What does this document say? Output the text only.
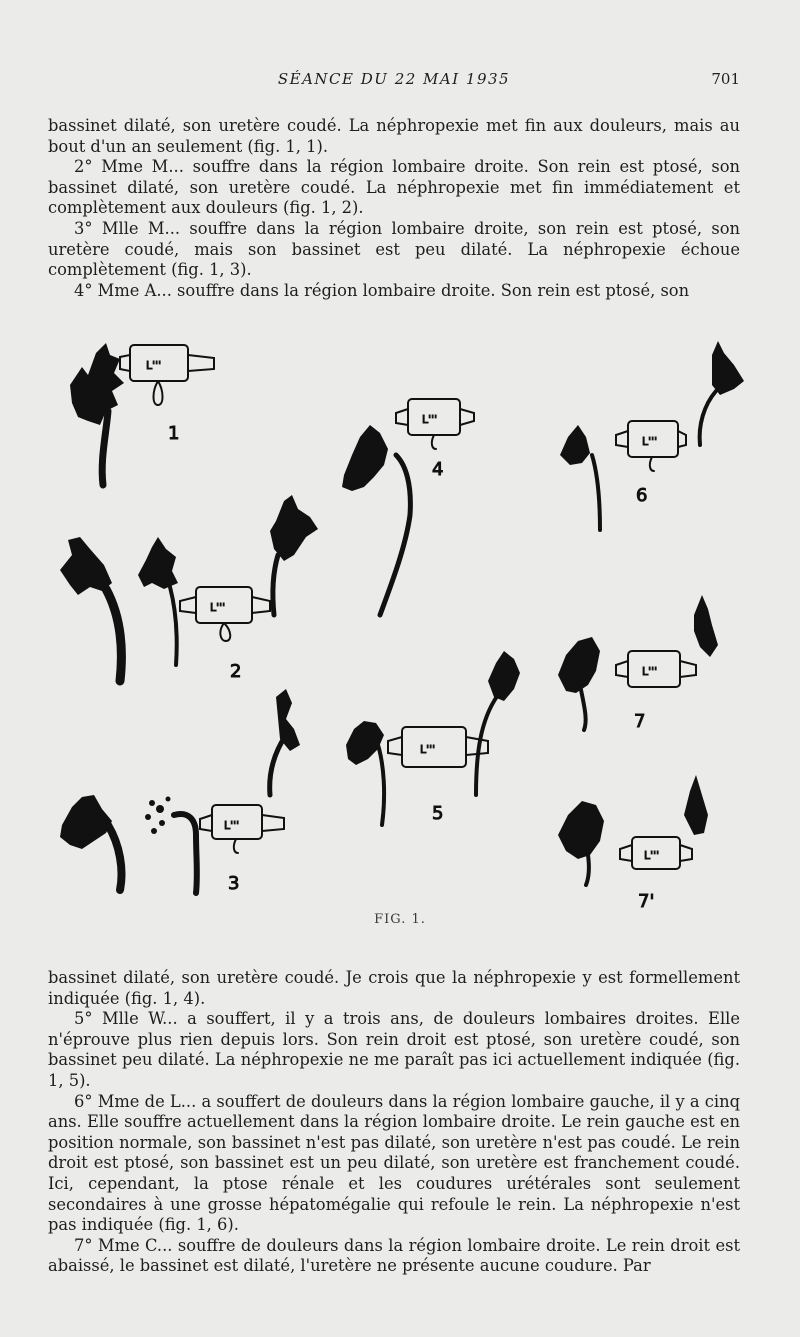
SÉANCE DU 22 MAI 1935	701

bassinet dilaté, son uretère coudé. La néphropexie met fin aux douleurs, mais au bout d'un an seulement (fig. 1, 1).

2° Mme M... souffre dans la région lombaire droite. Son rein est ptosé, son bassinet dilaté, son uretère coudé. La néphropexie met fin immédiatement et complètement aux douleurs (fig. 1, 2).

3° Mlle M... souffre dans la région lombaire droite, son rein est ptosé, son uretère coudé, mais son bassinet est peu dilaté. La néphropexie échoue complètement (fig. 1, 3).

4° Mme A... souffre dans la région lombaire droite. Son rein est ptosé, son

L'''
1
L'''
2
L'''
3
L'''
4
L'''
5
L'''
6
L'''
7
L'''
7'
FIG. 1.

bassinet dilaté, son uretère coudé. Je crois que la néphropexie y est formellement indiquée (fig. 1, 4).

5° Mlle W... a souffert, il y a trois ans, de douleurs lombaires droites. Elle n'éprouve plus rien depuis lors. Son rein droit est ptosé, son uretère coudé, son bassinet peu dilaté. La néphropexie ne me paraît pas ici actuellement indiquée (fig. 1, 5).

6° Mme de L... a souffert de douleurs dans la région lombaire gauche, il y a cinq ans. Elle souffre actuellement dans la région lombaire droite. Le rein gauche est en position normale, son bassinet n'est pas dilaté, son uretère n'est pas coudé. Le rein droit est ptosé, son bassinet est un peu dilaté, son uretère est franchement coudé. Ici, cependant, la ptose rénale et les coudures urétérales sont seulement secondaires à une grosse hépatomégalie qui refoule le rein. La néphropexie n'est pas indiquée (fig. 1, 6).

7° Mme C... souffre de douleurs dans la région lombaire droite. Le rein droit est abaissé, le bassinet est dilaté, l'uretère ne présente aucune coudure. Par
